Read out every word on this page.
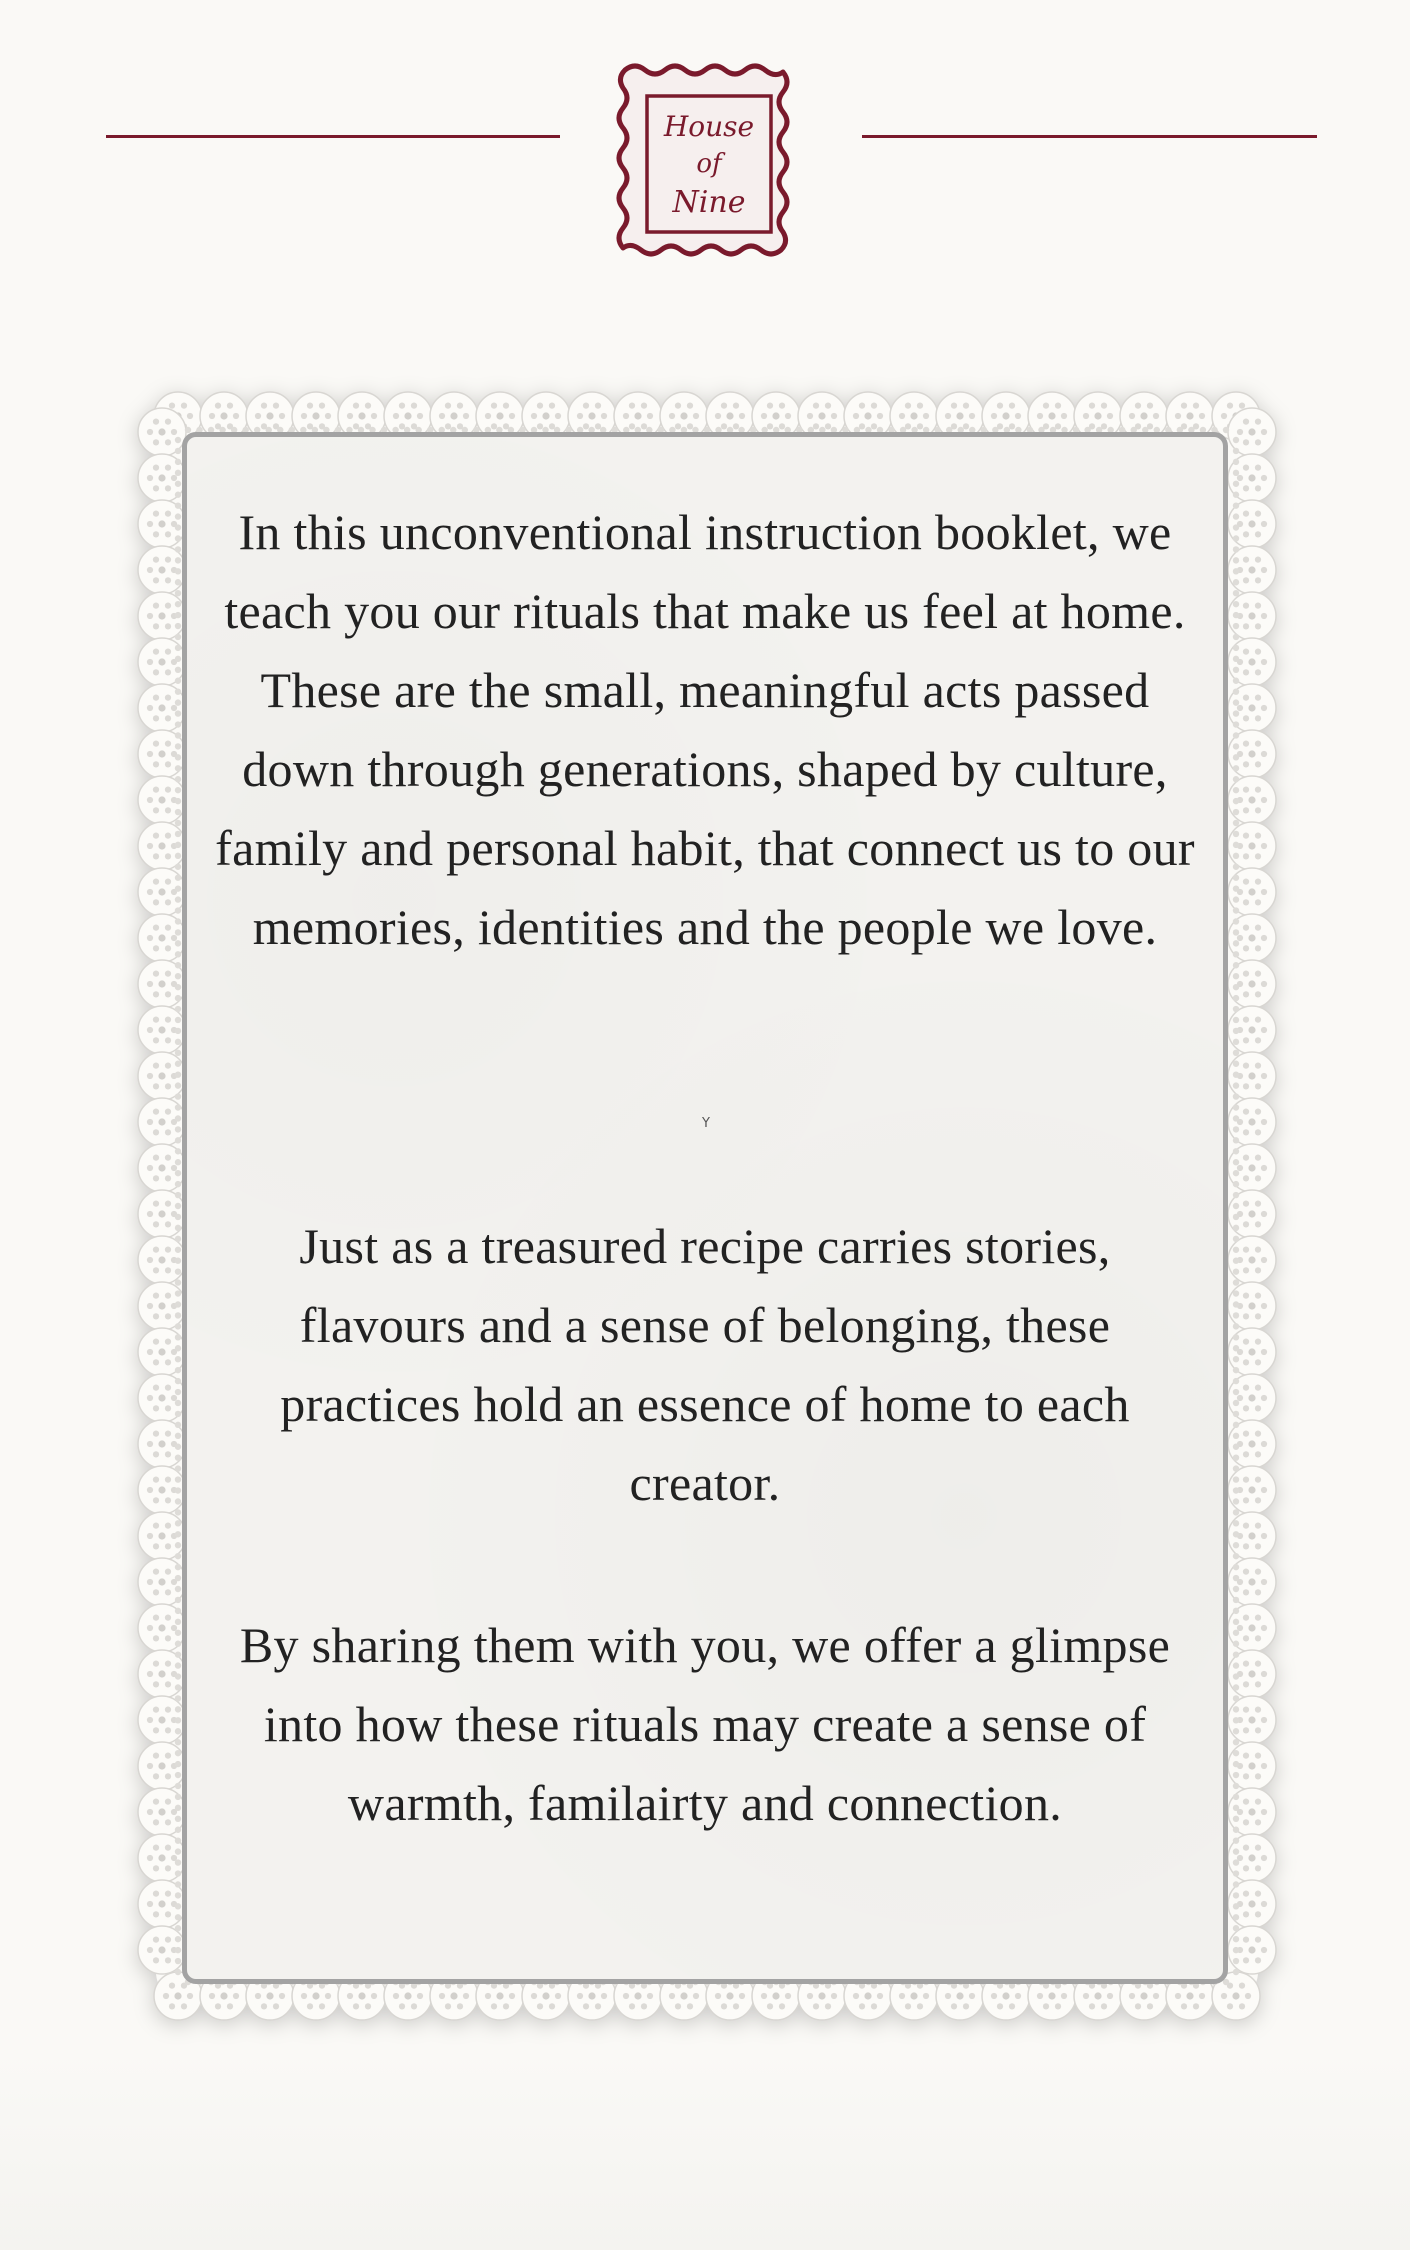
House
of
Nine
In this unconventional instruction booklet, we teach you our rituals that make us feel at home. These are the small, meaningful acts passed down through generations, shaped by culture, family and personal habit, that connect us to our memories, identities and the people we love.
Just as a treasured recipe carries stories, flavours and a sense of belonging, these practices hold an essence of home to each creator.
By sharing them with you, we offer a glimpse into how these rituals may create a sense of warmth, familairty and connection.
Y
